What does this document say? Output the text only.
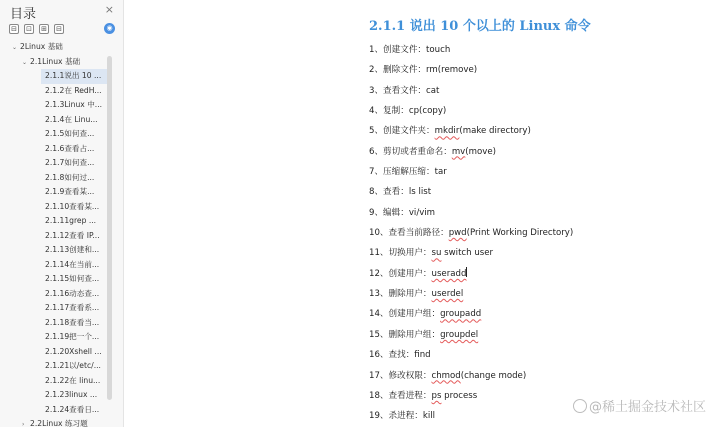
目录	×
⊟ ⊡ ⊞ ⊟	◉
⌄ 2Linux 基础
⌄ 2.1Linux 基础
2.1.1说出 10 ...
2.1.2在 RedH...
2.1.3Linux 中...
2.1.4在 Linu...
2.1.5如何查...
2.1.6查看占...
2.1.7如何查...
2.1.8如何过...
2.1.9查看某...
2.1.10查看某...
2.1.11grep ...
2.1.12查看 IP...
2.1.13创建和...
2.1.14在当前...
2.1.15如何查...
2.1.16动态查...
2.1.17查看系...
2.1.18查看当...
2.1.19把一个...
2.1.20Xshell ...
2.1.21以/etc/...
2.1.22在 linu...
2.1.23linux ...
2.1.24查看日...
› 2.2Linux 练习题
2.1.1 说出 10 个以上的 Linux 命令
1、创建文件：touch
2、删除文件：rm(remove)
3、查看文件：cat
4、复制：cp(copy)
5、创建文件夹：mkdir(make directory)
6、剪切或者重命名：mv(move)
7、压缩解压缩：tar
8、查看：ls list
9、编辑：vi/vim
10、查看当前路径：pwd(Print Working Directory)
11、切换用户：su switch user
12、创建用户：useradd
13、删除用户：userdel
14、创建用户组：groupadd
15、删除用户组：groupdel
16、查找：find
17、修改权限：chmod(change mode)
18、查看进程：ps process
19、杀进程：kill
@稀土掘金技术社区
